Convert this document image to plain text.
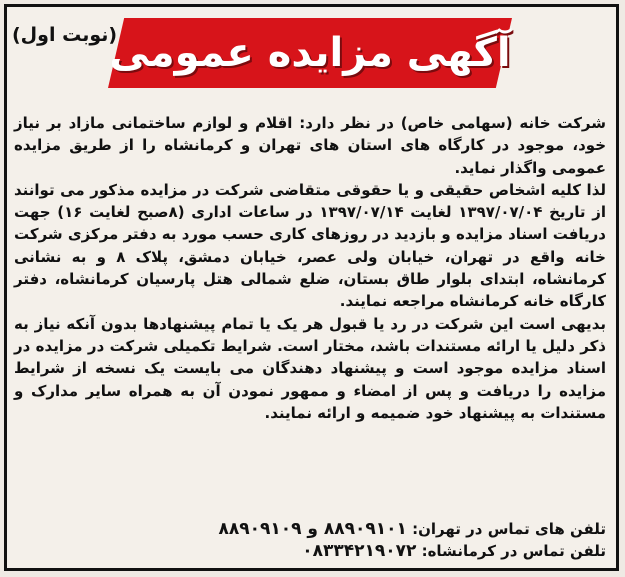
آگهی مزایده عمومی
(نوبت اول)

شرکت خانه (سهامی خاص) در نظر دارد: اقلام و لوازم ساختمانی مازاد بر نیاز خود، موجود در کارگاه های استان های تهران و کرمانشاه را از طریق مزایده عمومی واگذار نماید.

لذا کلیه اشخاص حقیقی و یا حقوقی متقاضی شرکت در مزایده مذکور می توانند از تاریخ ۱۳۹۷/۰۷/۰۴ لغایت ۱۳۹۷/۰۷/۱۴ در ساعات اداری (۸صبح لغایت ۱۶) جهت دریافت اسناد مزایده و بازدید در روزهای کاری حسب مورد به دفتر مرکزی شرکت خانه واقع در تهران، خیابان ولی عصر، خیابان دمشق، پلاک ۸ و به نشانی کرمانشاه، ابتدای بلوار طاق بستان، ضلع شمالی هتل پارسیان کرمانشاه، دفتر کارگاه خانه کرمانشاه مراجعه نمایند.

بدیهی است این شرکت در رد یا قبول هر یک یا تمام پیشنهادها بدون آنکه نیاز به ذکر دلیل یا ارائه مستندات باشد، مختار است. شرایط تکمیلی شرکت در مزایده در اسناد مزایده موجود است و پیشنهاد دهندگان می بایست یک نسخه از شرایط مزایده را دریافت و پس از امضاء و ممهور نمودن آن به همراه سایر مدارک و مستندات به پیشنهاد خود ضمیمه و ارائه نمایند.

تلفن های تماس در تهران: ۸۸۹۰۹۱۰۱ و ۸۸۹۰۹۱۰۹
تلفن تماس در کرمانشاه: ۰۸۳۳۴۲۱۹۰۷۲
